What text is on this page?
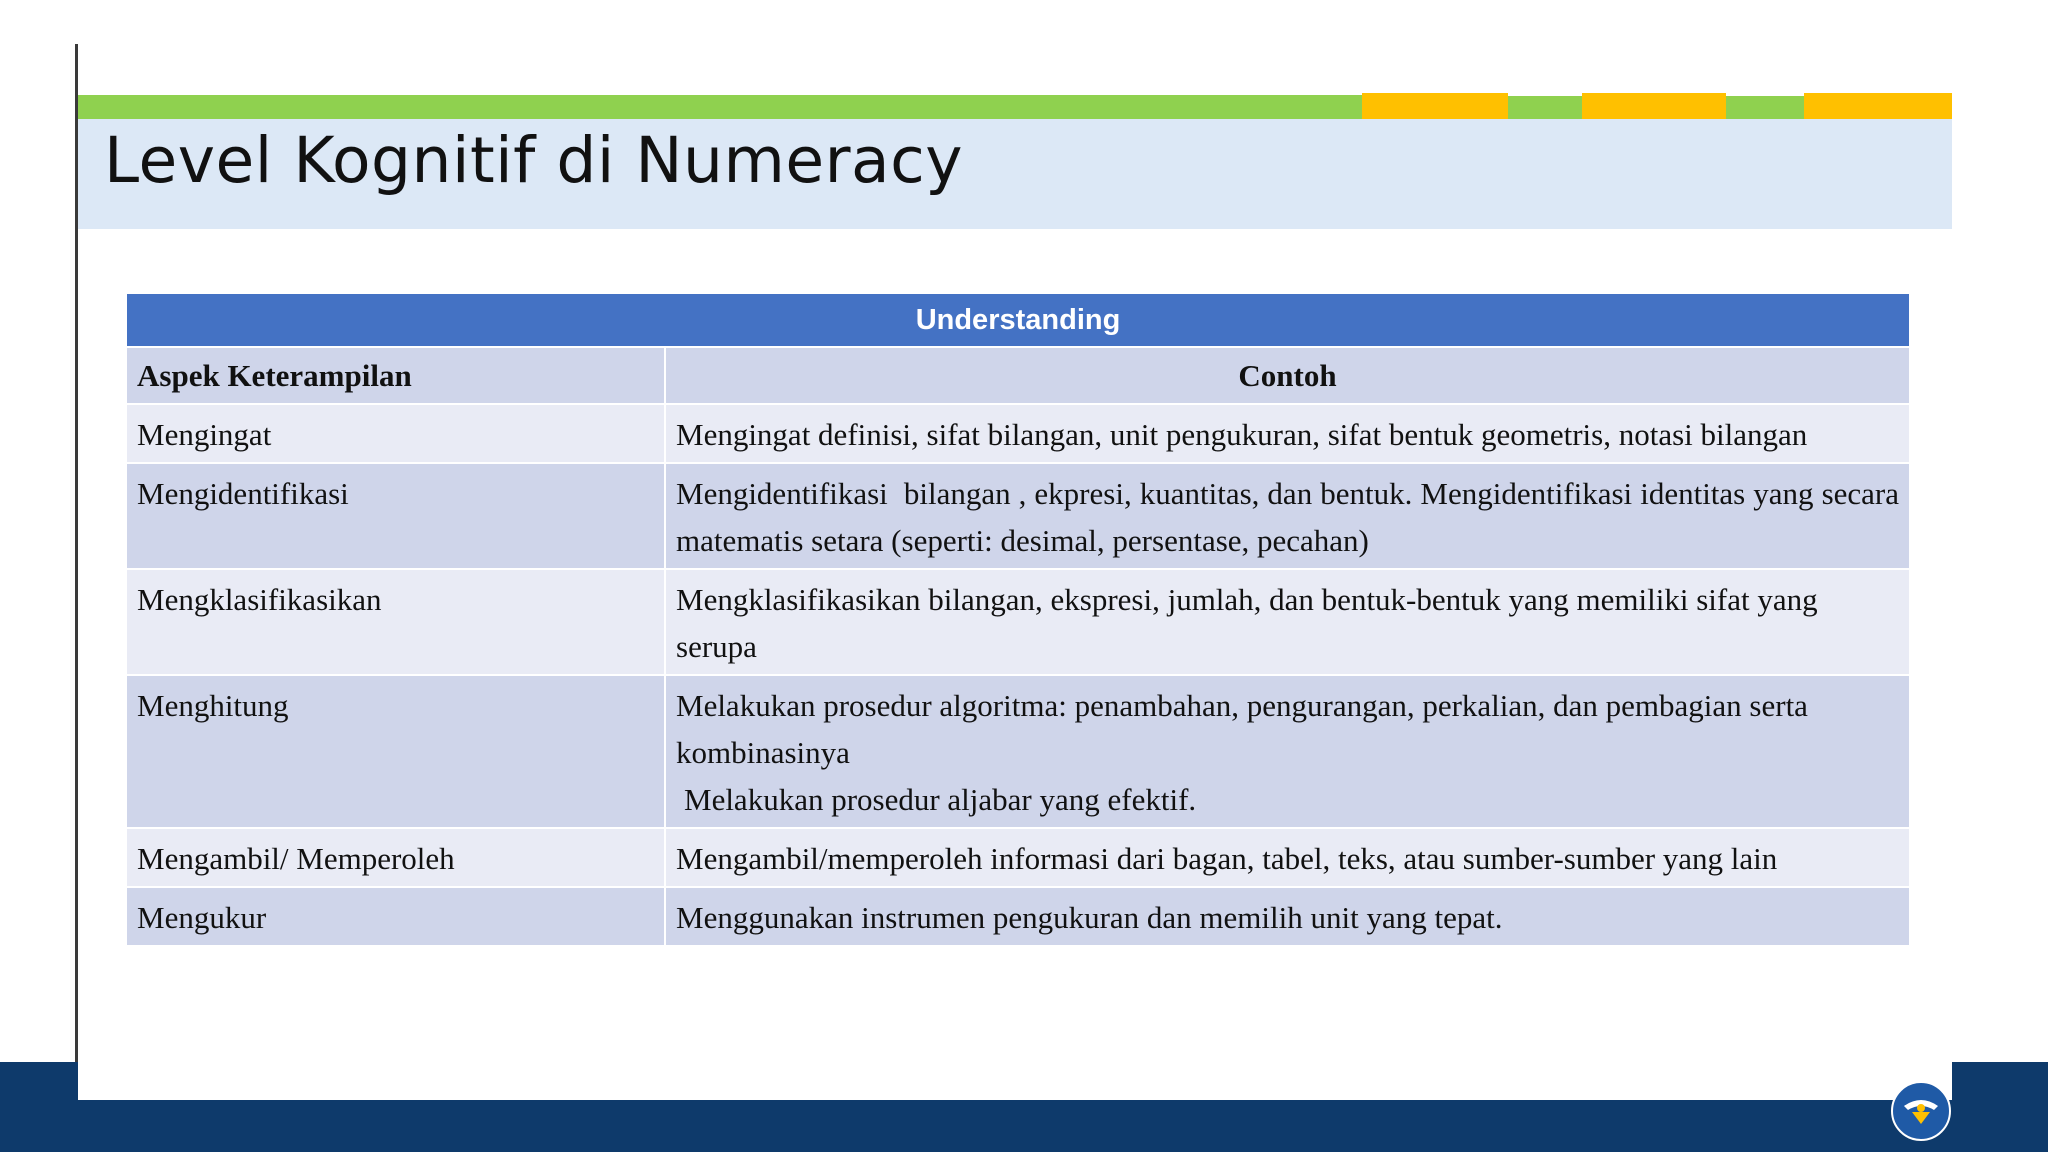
Level Kognitif di Numeracy
Understanding
Aspek Keterampilan	Contoh
Mengingat	Mengingat definisi, sifat bilangan, unit pengukuran, sifat bentuk geometris, notasi bilangan
Mengidentifikasi	Mengidentifikasi  bilangan , ekpresi, kuantitas, dan bentuk. Mengidentifikasi identitas yang secara matematis setara (seperti: desimal, persentase, pecahan)
Mengklasifikasikan	Mengklasifikasikan bilangan, ekspresi, jumlah, dan bentuk-bentuk yang memiliki sifat yang serupa
Menghitung	Melakukan prosedur algoritma: penambahan, pengurangan, perkalian, dan pembagian serta kombinasinya
Melakukan prosedur aljabar yang efektif.
Mengambil/ Memperoleh	Mengambil/memperoleh informasi dari bagan, tabel, teks, atau sumber-sumber yang lain
Mengukur	Menggunakan instrumen pengukuran dan memilih unit yang tepat.
